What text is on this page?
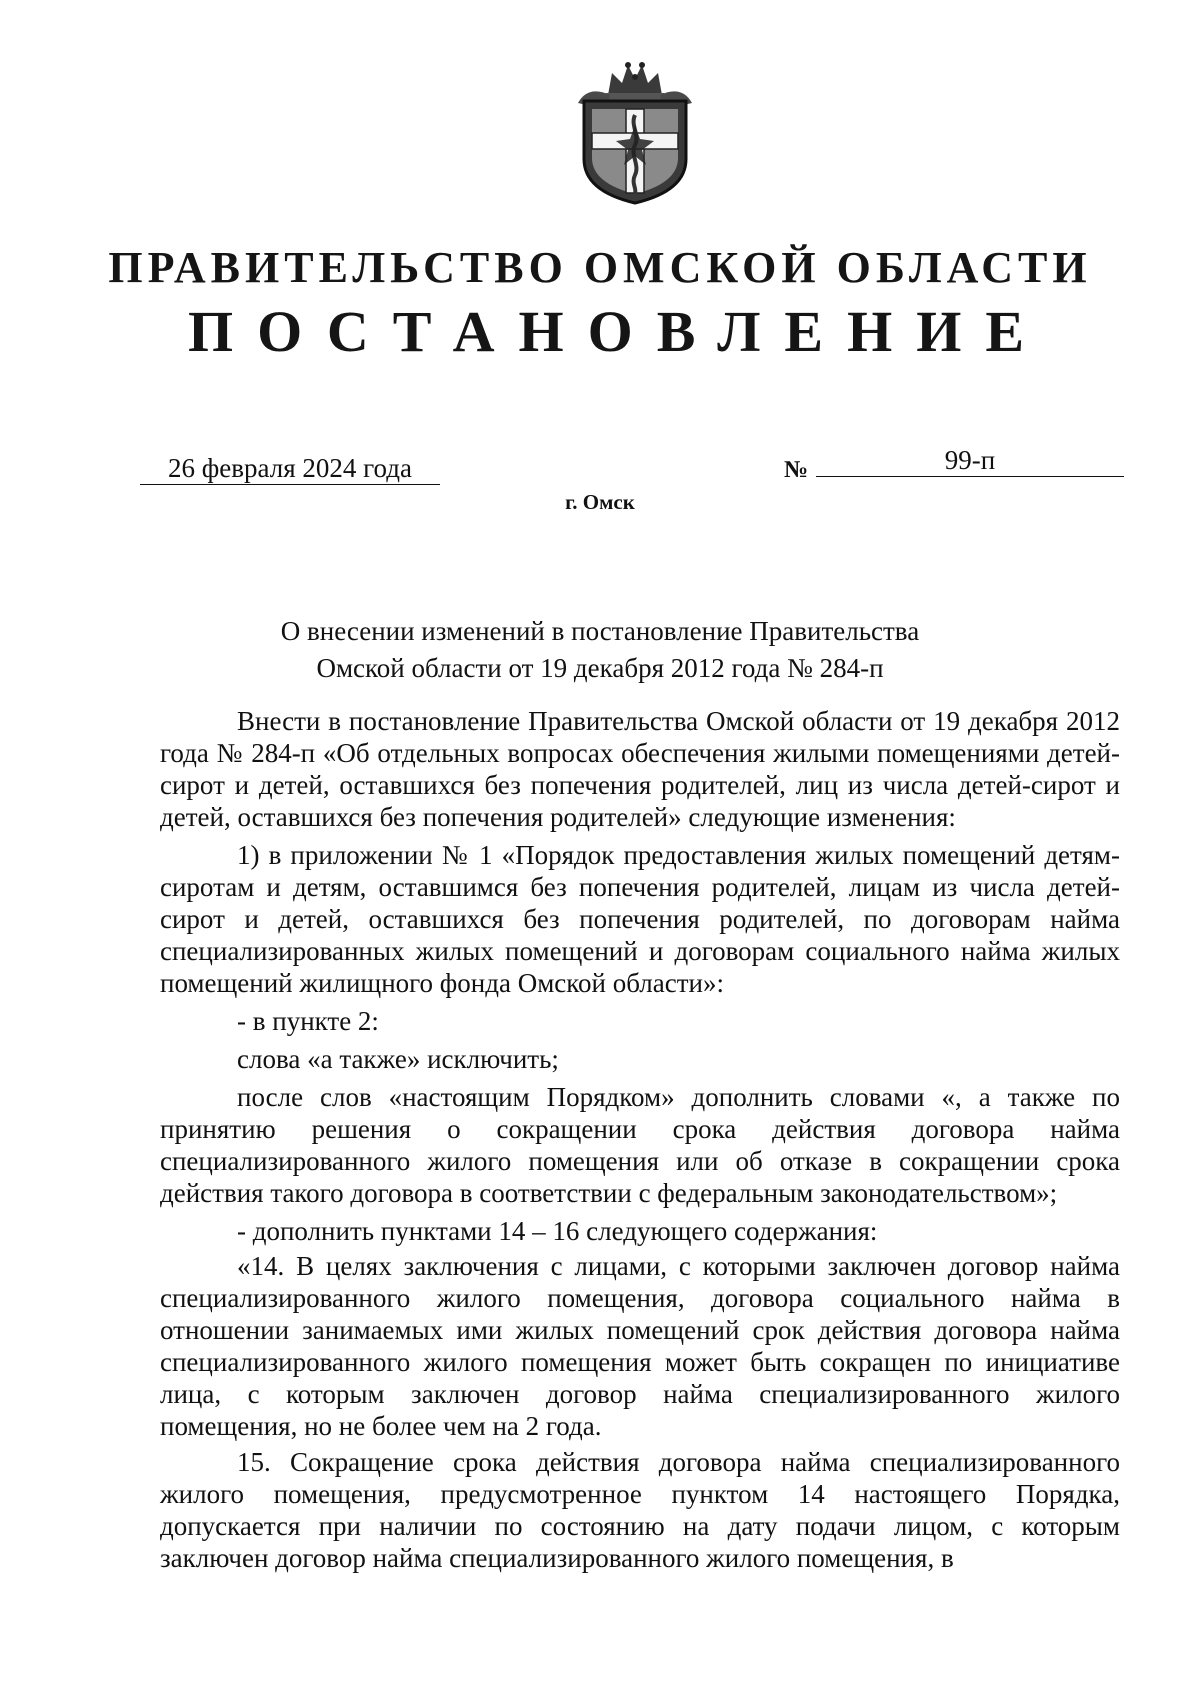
ПРАВИТЕЛЬСТВО ОМСКОЙ ОБЛАСТИ
ПОСТАНОВЛЕНИЕ
26 февраля 2024 года	№	99-п
г. Омск
О внесении изменений в постановление Правительства
Омской области от 19 декабря 2012 года № 284-п
Внести в постановление Правительства Омской области от 19 декабря 2012 года № 284-п «Об отдельных вопросах обеспечения жилыми помещениями детей-сирот и детей, оставшихся без попечения родителей, лиц из числа детей-сирот и детей, оставшихся без попечения родителей» следующие изменения:
1) в приложении № 1 «Порядок предоставления жилых помещений детям-сиротам и детям, оставшимся без попечения родителей, лицам из числа детей-сирот и детей, оставшихся без попечения родителей, по договорам найма специализированных жилых помещений и договорам социального найма жилых помещений жилищного фонда Омской области»:
- в пункте 2:
слова «а также» исключить;
после слов «настоящим Порядком» дополнить словами «, а также по принятию решения о сокращении срока действия договора найма специализированного жилого помещения или об отказе в сокращении срока действия такого договора в соответствии с федеральным законодательством»;
- дополнить пунктами 14 – 16 следующего содержания:
«14. В целях заключения с лицами, с которыми заключен договор найма специализированного жилого помещения, договора социального найма в отношении занимаемых ими жилых помещений срок действия договора найма специализированного жилого помещения может быть сокращен по инициативе лица, с которым заключен договор найма специализированного жилого помещения, но не более чем на 2 года.
15. Сокращение срока действия договора найма специализированного жилого помещения, предусмотренное пунктом 14 настоящего Порядка, допускается при наличии по состоянию на дату подачи лицом, с которым заключен договор найма специализированного жилого помещения, в
